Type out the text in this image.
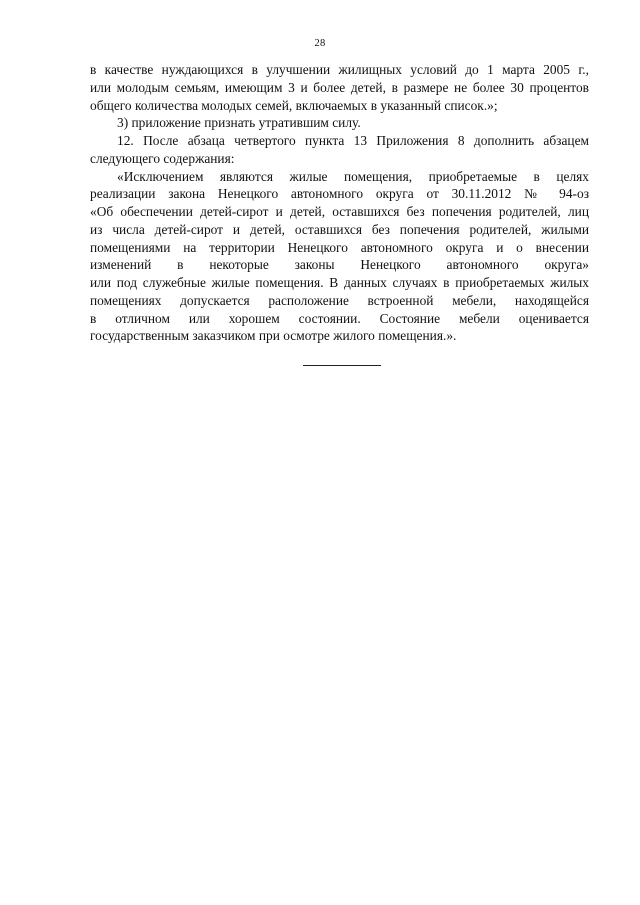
28
в качестве нуждающихся в улучшении жилищных условий до 1 марта 2005 г.,
или молодым семьям, имеющим 3 и более детей, в размере не более 30 процентов
общего количества молодых семей, включаемых в указанный список.»;
3) приложение признать утратившим силу.
12. После абзаца четвертого пункта 13 Приложения 8 дополнить абзацем
следующего содержания:
«Исключением являются жилые помещения, приобретаемые в целях
реализации закона Ненецкого автономного округа от 30.11.2012 № 94-оз
«Об обеспечении детей-сирот и детей, оставшихся без попечения родителей, лиц
из числа детей-сирот и детей, оставшихся без попечения родителей, жилыми
помещениями на территории Ненецкого автономного округа и о внесении
изменений в некоторые законы Ненецкого автономного округа»
или под служебные жилые помещения. В данных случаях в приобретаемых жилых
помещениях допускается расположение встроенной мебели, находящейся
в отличном или хорошем состоянии. Состояние мебели оценивается
государственным заказчиком при осмотре жилого помещения.».
